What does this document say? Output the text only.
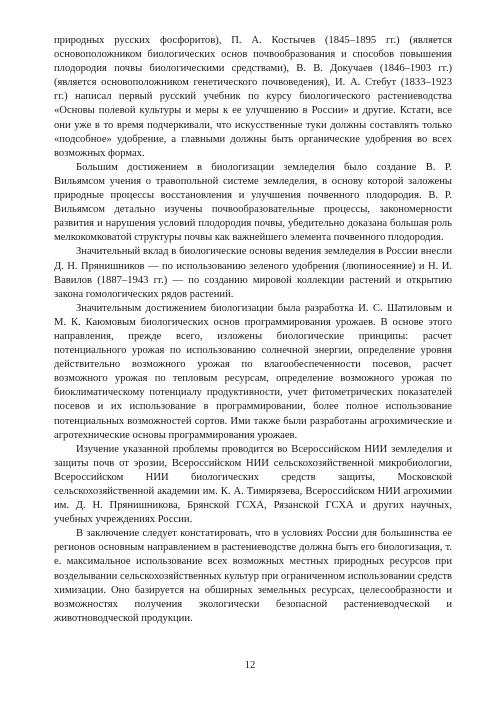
природных русских фосфоритов), П. А. Костычев (1845–1895 гг.) (является основоположником биологических основ почвообразования и способов повышения плодородия почвы биологическими средствами), В. В. Докучаев (1846–1903 гг.) (является основоположником генетического почвоведения), И. А. Стебут (1833–1923 гг.) написал первый русский учебник по курсу биологического растениеводства «Основы полевой культуры и меры к ее улучшению в России» и другие. Кстати, все они уже в то время подчеркивали, что искусственные туки должны составлять только «подсобное» удобрение, а главными должны быть органические удобрения во всех возможных формах.

Большим достижением в биологизации земледелия было создание В. Р. Вильямсом учения о травопольной системе земледелия, в основу которой заложены природные процессы восстановления и улучшения почвенного плодородия. В. Р. Вильямсом детально изучены почвообразовательные процессы, закономерности развития и нарушения условий плодородия почвы, убедительно доказана большая роль мелкокомковатой структуры почвы как важнейшего элемента почвенного плодородия.

Значительный вклад в биологические основы ведения земледелия в России внесли Д. Н. Прянишников — по использованию зеленого удобрения (люпиносеяние) и Н. И. Вавилов (1887–1943 гг.) — по созданию мировой коллекции растений и открытию закона гомологических рядов растений.

Значительным достижением биологизации была разработка И. С. Шатиловым и М. К. Каюмовым биологических основ программирования урожаев. В основе этого направления, прежде всего, изложены биологические принципы: расчет потенциального урожая по использованию солнечной энергии, определение уровня действительно возможного урожая по влагообеспеченности посевов, расчет возможного урожая по тепловым ресурсам, определение возможного урожая по биоклиматическому потенциалу продуктивности, учет фитометрических показателей посевов и их использование в программировании, более полное использование потенциальных возможностей сортов. Ими также были разработаны агрохимические и агротехнические основы программирования урожаев.

Изучение указанной проблемы проводится во Всероссийском НИИ земледелия и защиты почв от эрозии, Всероссийском НИИ сельскохозяйственной микробиологии, Всероссийском НИИ биологических средств защиты, Московской сельскохозяйственной академии им. К. А. Тимирязева, Всероссийском НИИ агрохимии им. Д. Н. Прянишникова, Брянской ГСХА, Рязанской ГСХА и других научных, учебных учреждениях России.

В заключение следует констатировать, что в условиях России для большинства ее регионов основным направлением в растениеводстве должна быть его биологизация, т. е. максимальное использование всех возможных местных природных ресурсов при возделывании сельскохозяйственных культур при ограниченном использовании средств химизации. Оно базируется на обширных земельных ресурсах, целесообразности и возможностях получения экологически безопасной растениеводческой и животноводческой продукции.

12
